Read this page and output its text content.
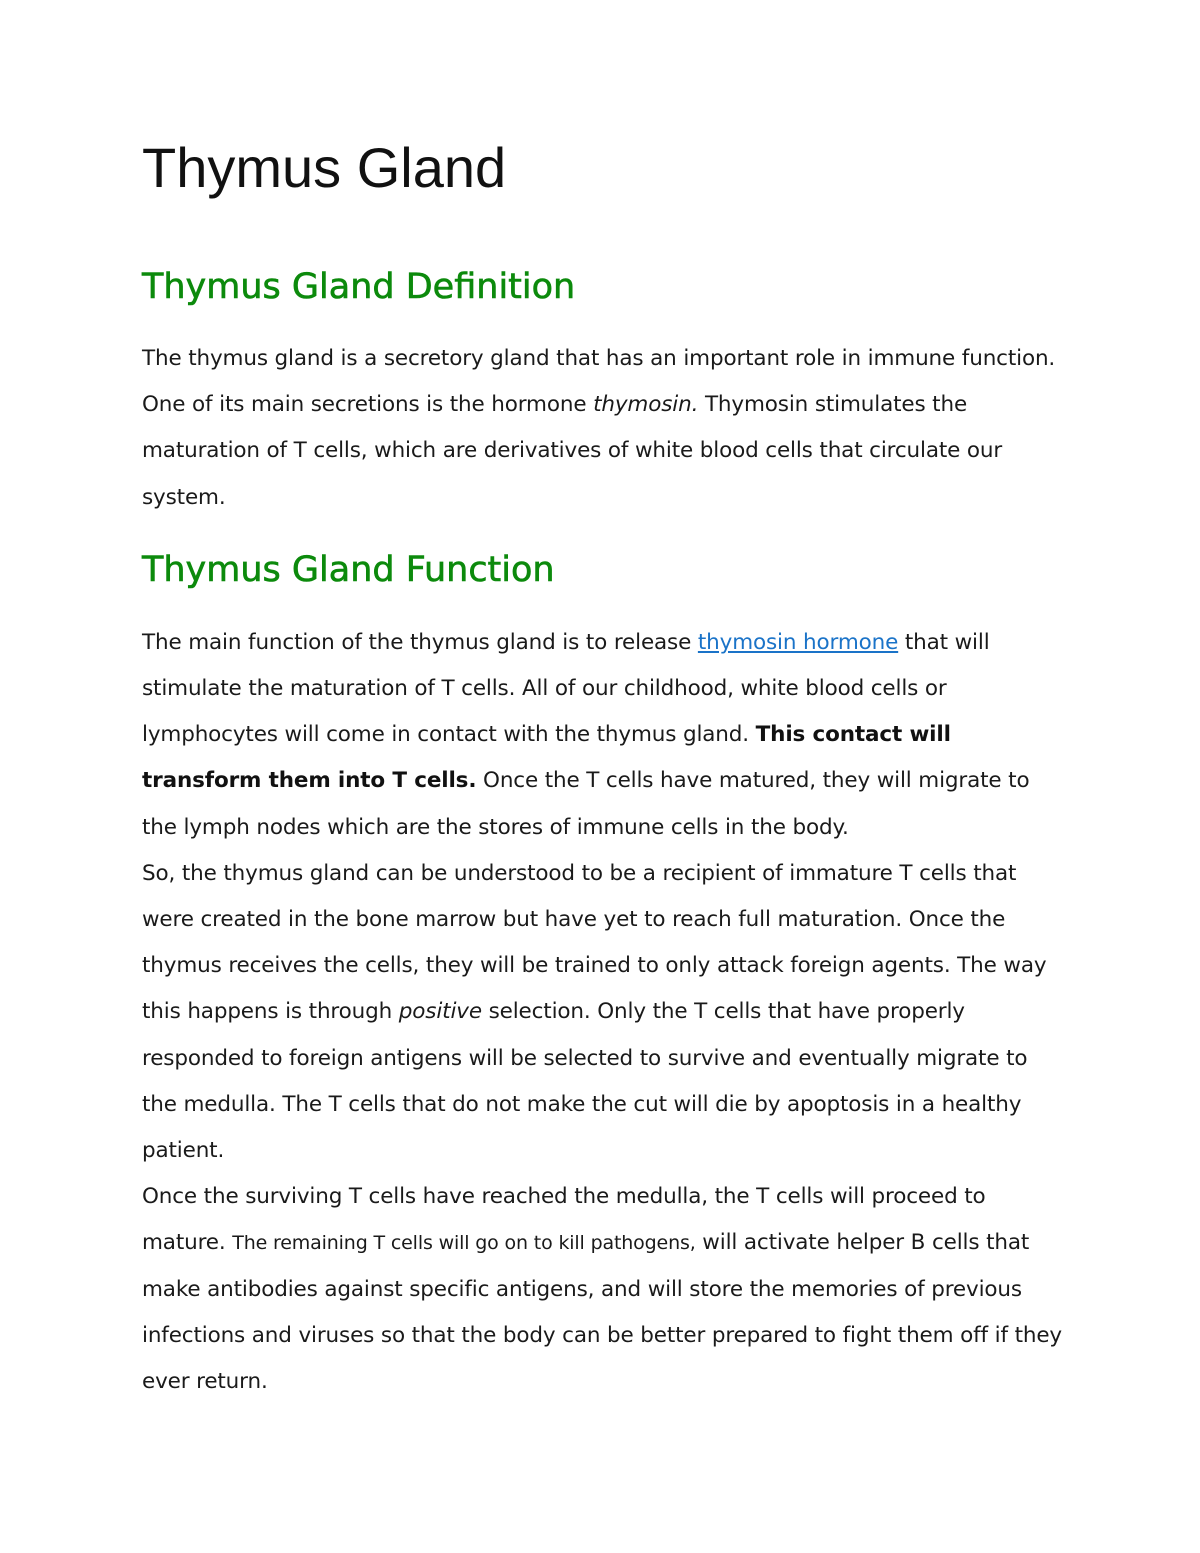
Thymus Gland
Thymus Gland Definition

The thymus gland is a secretory gland that has an important role in immune function. One of its main secretions is the hormone thymosin. Thymosin stimulates the maturation of T cells, which are derivatives of white blood cells that circulate our system.

Thymus Gland Function

The main function of the thymus gland is to release thymosin hormone that will stimulate the maturation of T cells. All of our childhood, white blood cells or lymphocytes will come in contact with the thymus gland. This contact will transform them into T cells. Once the T cells have matured, they will migrate to the lymph nodes which are the stores of immune cells in the body.

So, the thymus gland can be understood to be a recipient of immature T cells that were created in the bone marrow but have yet to reach full maturation. Once the thymus receives the cells, they will be trained to only attack foreign agents. The way this happens is through positive selection. Only the T cells that have properly responded to foreign antigens will be selected to survive and eventually migrate to the medulla. The T cells that do not make the cut will die by apoptosis in a healthy patient.

Once the surviving T cells have reached the medulla, the T cells will proceed to mature. The remaining T cells will go on to kill pathogens, will activate helper B cells that make antibodies against specific antigens, and will store the memories of previous infections and viruses so that the body can be better prepared to fight them off if they ever return.
